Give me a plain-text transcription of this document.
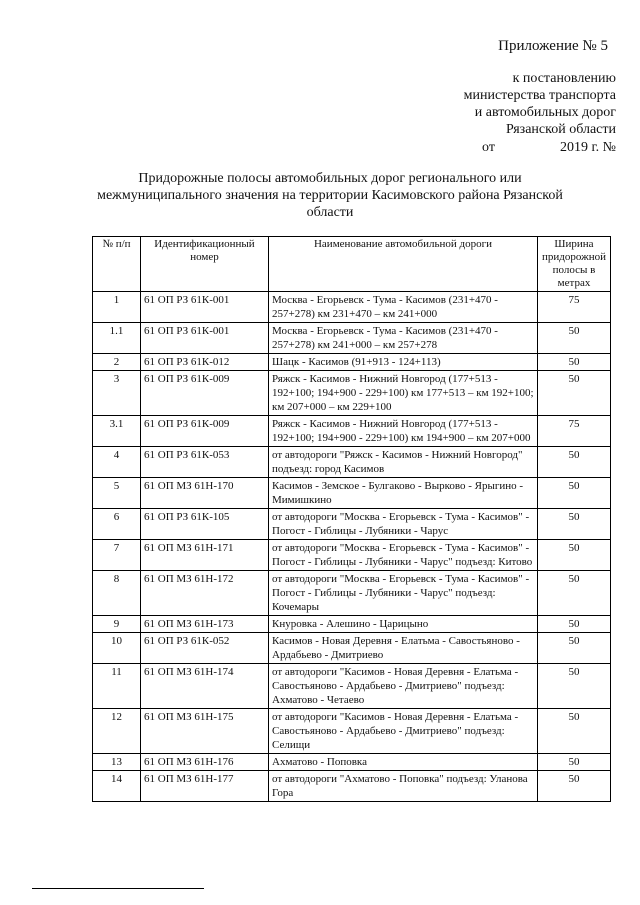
Приложение № 5
к постановлению
министерства транспорта
и автомобильных дорог
Рязанской области
от	2019 г. №
Придорожные полосы автомобильных дорог регионального или межмуниципального значения на территории Касимовского района Рязанской области
№ п/п	Идентификационный номер	Наименование автомобильной дороги	Ширина придорожной полосы в метрах
1	61 ОП РЗ 61К-001	Москва - Егорьевск - Тума - Касимов (231+470 - 257+278) км 231+470 – км 241+000	75
1.1	61 ОП РЗ 61К-001	Москва - Егорьевск - Тума - Касимов (231+470 - 257+278) км 241+000 – км 257+278	50
2	61 ОП РЗ 61К-012	Шацк - Касимов (91+913 - 124+113)	50
3	61 ОП РЗ 61К-009	Ряжск - Касимов - Нижний Новгород (177+513 - 192+100; 194+900 - 229+100) км 177+513 – км 192+100; км 207+000 – км 229+100	50
3.1	61 ОП РЗ 61К-009	Ряжск - Касимов - Нижний Новгород (177+513 - 192+100; 194+900 - 229+100) км 194+900 – км 207+000	75
4	61 ОП РЗ 61К-053	от автодороги "Ряжск - Касимов - Нижний Новгород" подъезд: город Касимов	50
5	61 ОП МЗ 61Н-170	Касимов - Земское - Булгаково - Вырково - Ярыгино - Мимишкино	50
6	61 ОП РЗ 61К-105	от автодороги "Москва - Егорьевск - Тума - Касимов" - Погост - Гиблицы - Лубяники - Чарус	50
7	61 ОП МЗ 61Н-171	от автодороги "Москва - Егорьевск - Тума - Касимов" - Погост - Гиблицы - Лубяники - Чарус" подъезд: Китово	50
8	61 ОП МЗ 61Н-172	от автодороги "Москва - Егорьевск - Тума - Касимов" - Погост - Гиблицы - Лубяники - Чарус" подъезд: Кочемары	50
9	61 ОП МЗ 61Н-173	Кнуровка - Алешино - Царицыно	50
10	61 ОП РЗ 61К-052	Касимов - Новая Деревня - Елатьма - Савостьяново - Ардабьево - Дмитриево	50
11	61 ОП МЗ 61Н-174	от автодороги "Касимов - Новая Деревня - Елатьма - Савостьяново - Ардабьево - Дмитриево" подъезд: Ахматово - Четаево	50
12	61 ОП МЗ 61Н-175	от автодороги "Касимов - Новая Деревня - Елатьма - Савостьяново - Ардабьево - Дмитриево" подъезд: Селищи	50
13	61 ОП МЗ 61Н-176	Ахматово - Поповка	50
14	61 ОП МЗ 61Н-177	от автодороги "Ахматово - Поповка" подъезд: Уланова Гора	50
